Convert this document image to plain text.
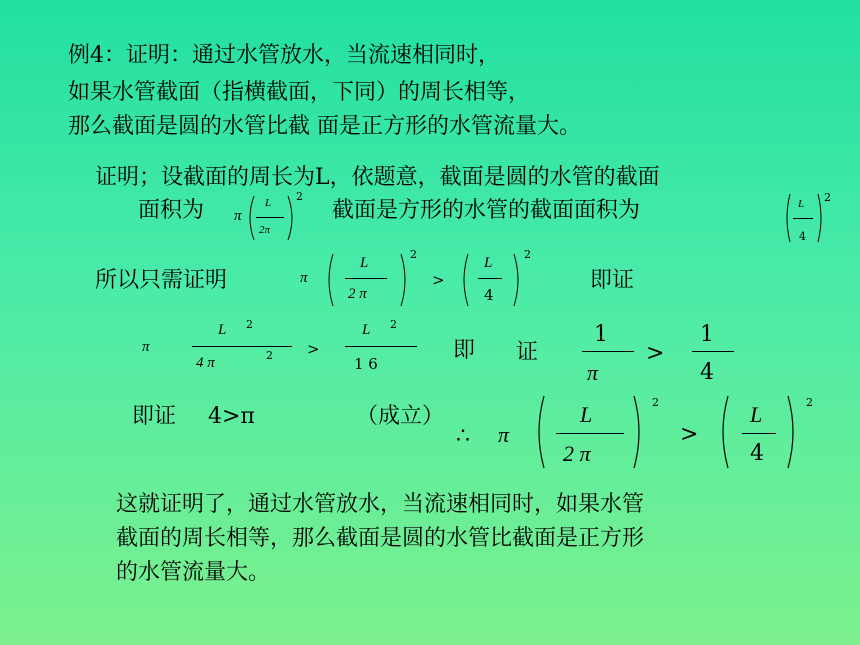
例4：证明：通过水管放水，当流速相同时，
如果水管截面（指横截面，下同）的周长相等，
那么截面是圆的水管比截 面是正方形的水管流量大。
证明；设截面的周长为L，依题意，截面是圆的水管的截面
面积为 π
L
2π
2
截面是方形的水管的截面面积为	L
4
2
所以只需证明	π
L
2 π
2
>
L
4
2
即证
π
L 2
4 π	2 >
L 2
1 6
即 证
1
π
>
1
4
即证 4>π	（成立）
∴ π
L
2 π
2
>
L
4
2
这就证明了，通过水管放水，当流速相同时，如果水管
截面的周长相等，那么截面是圆的水管比截面是正方形
的水管流量大。
